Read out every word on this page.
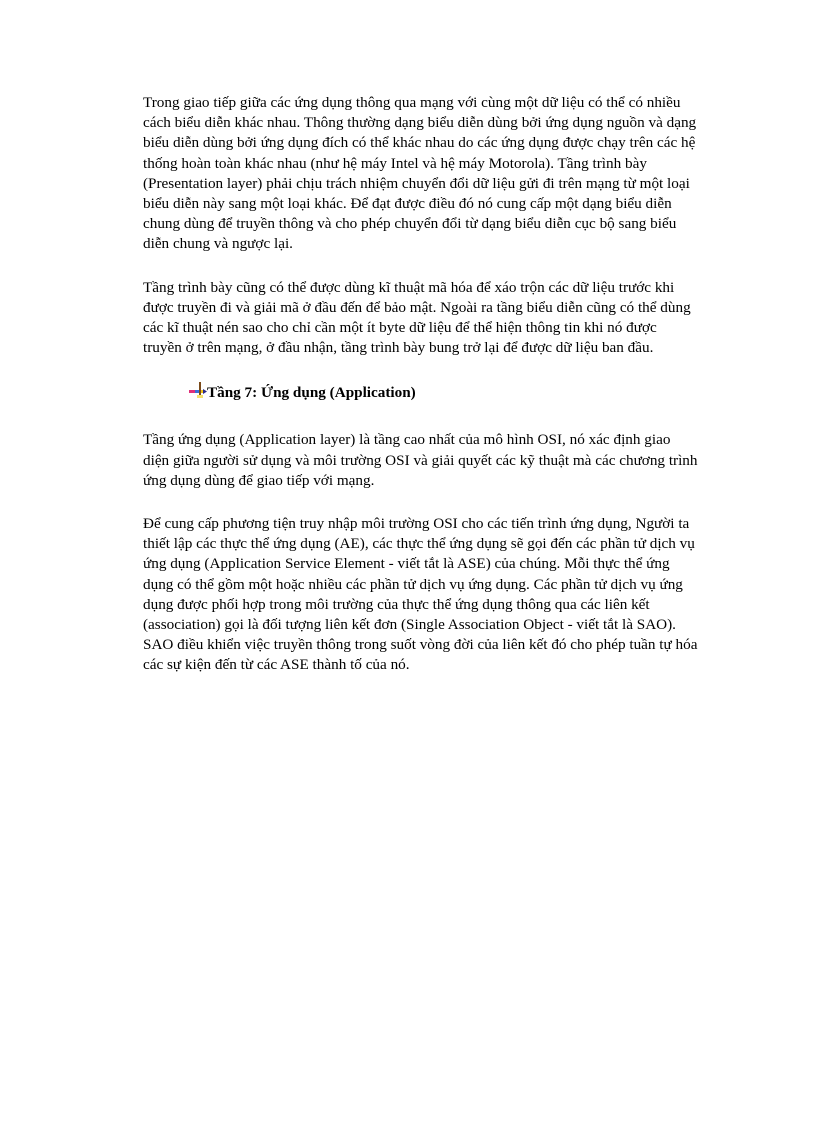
Trong giao tiếp giữa các ứng dụng thông qua mạng với cùng một dữ liệu có thể có nhiều
cách biểu diễn khác nhau. Thông thường dạng biểu diễn dùng bởi ứng dụng nguồn và dạng
biểu diễn dùng bởi ứng dụng đích có thể khác nhau do các ứng dụng được chạy trên các hệ
thống hoàn toàn khác nhau (như hệ máy Intel và hệ máy Motorola). Tầng trình bày
(Presentation layer) phải chịu trách nhiệm chuyển đổi dữ liệu gửi đi trên mạng từ một loại
biểu diễn này sang một loại khác. Để đạt được điều đó nó cung cấp một dạng biểu diễn
chung dùng để truyền thông và cho phép chuyển đổi từ dạng biểu diễn cục bộ sang biểu
diễn chung và ngược lại.

Tầng trình bày cũng có thể được dùng kĩ thuật mã hóa để xáo trộn các dữ liệu trước khi
được truyền đi và giải mã ở đầu đến để bảo mật. Ngoài ra tầng biểu diễn cũng có thể dùng
các kĩ thuật nén sao cho chỉ cần một ít byte dữ liệu để thể hiện thông tin khi nó được
truyền ở trên mạng, ở đầu nhận, tầng trình bày bung trở lại để được dữ liệu ban đầu.

Tầng 7: Ứng dụng (Application)

Tầng ứng dụng (Application layer) là tầng cao nhất của mô hình OSI, nó xác định giao
diện giữa người sử dụng và môi trường OSI và giải quyết các kỹ thuật mà các chương trình
ứng dụng dùng để giao tiếp với mạng.

Để cung cấp phương tiện truy nhập môi trường OSI cho các tiến trình ứng dụng, Người ta
thiết lập các thực thể ứng dụng (AE), các thực thể ứng dụng sẽ gọi đến các phần tử dịch vụ
ứng dụng (Application Service Element - viết tắt là ASE) của chúng. Mỗi thực thể ứng
dụng có thể gồm một hoặc nhiều các phần tử dịch vụ ứng dụng. Các phần tử dịch vụ ứng
dụng được phối hợp trong môi trường của thực thể ứng dụng thông qua các liên kết
(association) gọi là đối tượng liên kết đơn (Single Association Object - viết tắt là SAO).
SAO điều khiển việc truyền thông trong suốt vòng đời của liên kết đó cho phép tuần tự hóa
các sự kiện đến từ các ASE thành tố của nó.
